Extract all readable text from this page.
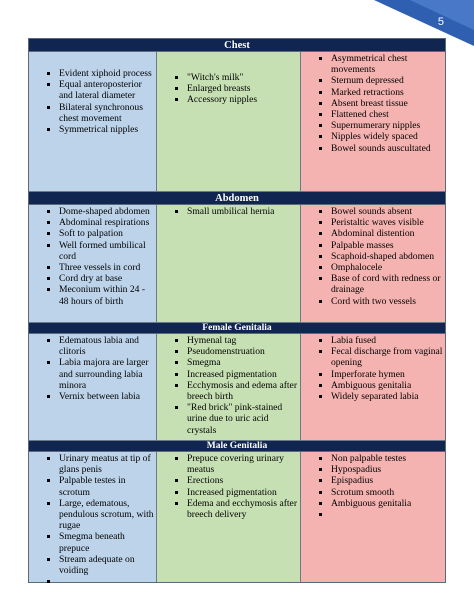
5
Chest
Evident xiphoid process
Equal anteroposterior and lateral diameter
Bilateral synchronous chest movement
Symmetrical nipples
"Witch's milk"
Enlarged breasts
Accessory nipples
Asymmetrical chest movements
Sternum depressed
Marked retractions
Absent breast tissue
Flattened chest
Supernumerary nipples
Nipples widely spaced
Bowel sounds auscultated
Abdomen
Dome-shaped abdomen
Abdominal respirations
Soft to palpation
Well formed umbilical cord
Three vessels in cord
Cord dry at base
Meconium within 24 - 48 hours of birth
Small umbilical hernia	Bowel sounds absent
Peristaltic waves visible
Abdominal distention
Palpable masses
Scaphoid-shaped abdomen
Omphalocele
Base of cord with redness or drainage
Cord with two vessels
Female Genitalia
Edematous labia and clitoris
Labia majora are larger and surrounding labia minora
Vernix between labia
Hymenal tag
Pseudomenstruation
Smegma
Increased pigmentation
Ecchymosis and edema after breech birth
"Red brick" pink-stained urine due to uric acid crystals
Labia fused
Fecal discharge from vaginal opening
Imperforate hymen
Ambiguous genitalia
Widely separated labia
Male Genitalia
Urinary meatus at tip of glans penis
Palpable testes in scrotum
Large, edematous, pendulous scrotum, with rugae
Smegma beneath prepuce
Stream adequate on voiding
Prepuce covering urinary meatus
Erections
Increased pigmentation
Edema and ecchymosis after breech delivery
Non palpable testes
Hypospadius
Epispadius
Scrotum smooth
Ambiguous genitalia
